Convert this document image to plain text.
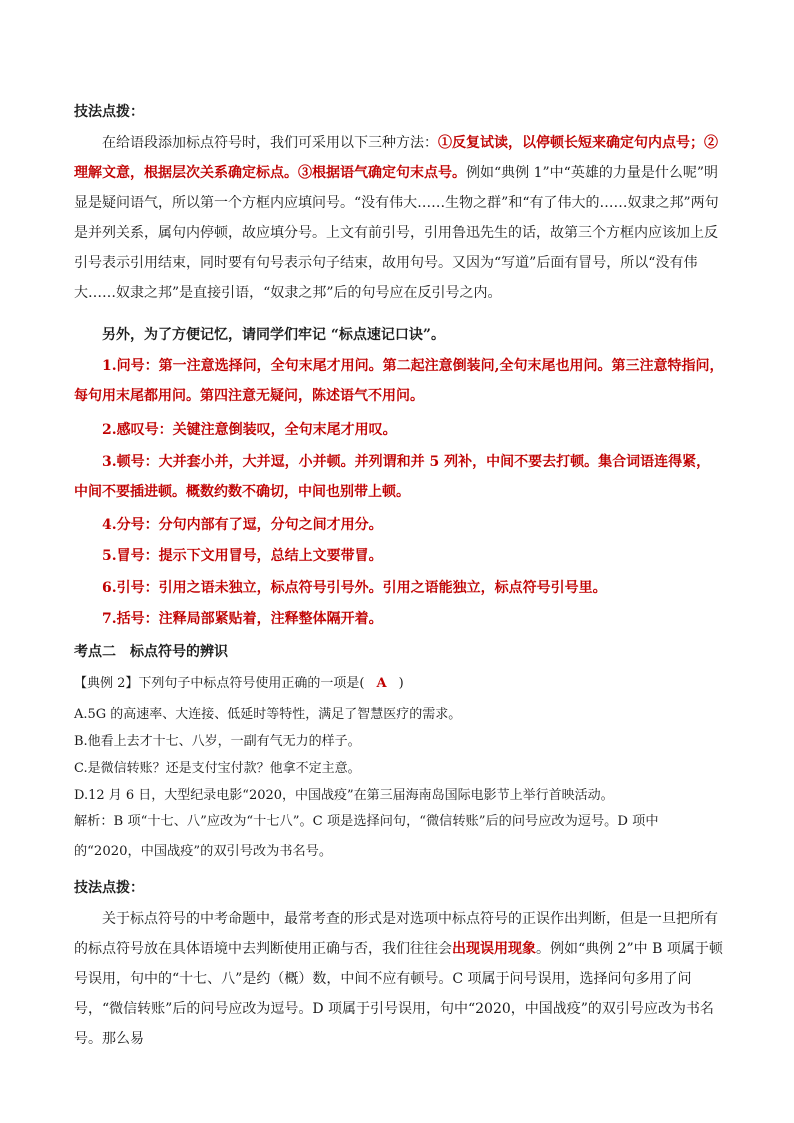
技法点拨：

在给语段添加标点符号时，我们可采用以下三种方法：①反复试读，以停顿长短来确定句内点号；②理解文意，根据层次关系确定标点。③根据语气确定句末点号。例如“典例 1”中“英雄的力量是什么呢”明显是疑问语气，所以第一个方框内应填问号。“没有伟大……生物之群”和“有了伟大的……奴隶之邦”两句是并列关系，属句内停顿，故应填分号。上文有前引号，引用鲁迅先生的话，故第三个方框内应该加上反引号表示引用结束，同时要有句号表示句子结束，故用句号。又因为“写道”后面有冒号，所以“没有伟大……奴隶之邦”是直接引语，“奴隶之邦”后的句号应在反引号之内。

另外，为了方便记忆，请同学们牢记 “标点速记口诀”。

1.问号：第一注意选择问，全句末尾才用问。第二起注意倒装问,全句末尾也用问。第三注意特指问，每句用末尾都用问。第四注意无疑问，陈述语气不用问。

2.感叹号：关键注意倒装叹，全句末尾才用叹。

3.顿号：大并套小并，大并逗，小并顿。并列谓和并 5 列补，中间不要去打顿。集合词语连得紧，中间不要插进顿。概数约数不确切，中间也别带上顿。

4.分号：分句内部有了逗，分句之间才用分。

5.冒号：提示下文用冒号，总结上文要带冒。

6.引号：引用之语未独立，标点符号引号外。引用之语能独立，标点符号引号里。

7.括号：注释局部紧贴着，注释整体隔开着。

考点二　标点符号的辨识

【典例 2】下列句子中标点符号使用正确的一项是( A )

A.5G 的高速率、大连接、低延时等特性，满足了智慧医疗的需求。

B.他看上去才十七、八岁，一副有气无力的样子。

C.是微信转账？还是支付宝付款？他拿不定主意。

D.12 月 6 日，大型纪录电影“2020，中国战疫”在第三届海南岛国际电影节上举行首映活动。

解析：B 项“十七、八”应改为“十七八”。C 项是选择问句，“微信转账”后的问号应改为逗号。D 项中的“2020，中国战疫”的双引号改为书名号。

技法点拨：

关于标点符号的中考命题中，最常考查的形式是对选项中标点符号的正误作出判断，但是一旦把所有的标点符号放在具体语境中去判断使用正确与否，我们往往会出现误用现象。例如“典例 2”中 B 项属于顿号误用，句中的“十七、八”是约（概）数，中间不应有顿号。C 项属于问号误用，选择问句多用了问号，“微信转账”后的问号应改为逗号。D 项属于引号误用，句中“2020，中国战疫”的双引号应改为书名号。那么易
